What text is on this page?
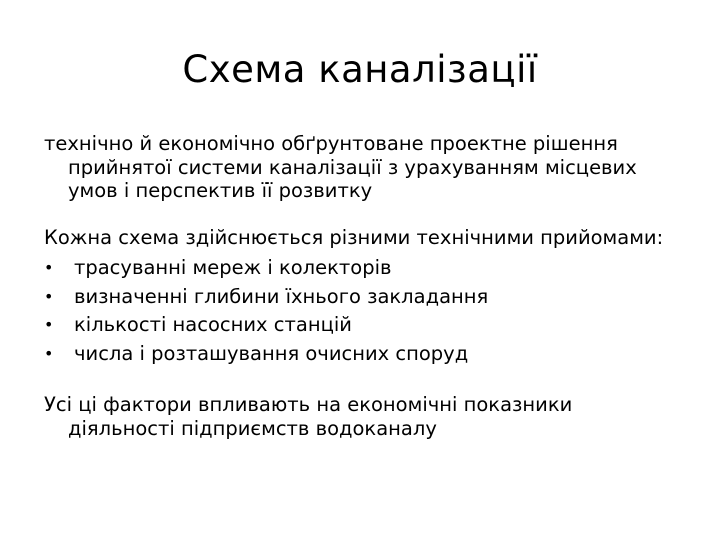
Схема каналізації

технічно й економічно обґрунтоване проектне рішення прийнятої системи каналізації з урахуванням місцевих умов і перспектив її розвитку

Кожна схема здійснюється різними технічними прийомами:

•	трасуванні мереж і колекторів
•	визначенні глибини їхнього закладання
•	кількості насосних станцій
•	числа і розташування очисних споруд

Усі ці фактори впливають на економічні показники діяльності підприємств водоканалу
